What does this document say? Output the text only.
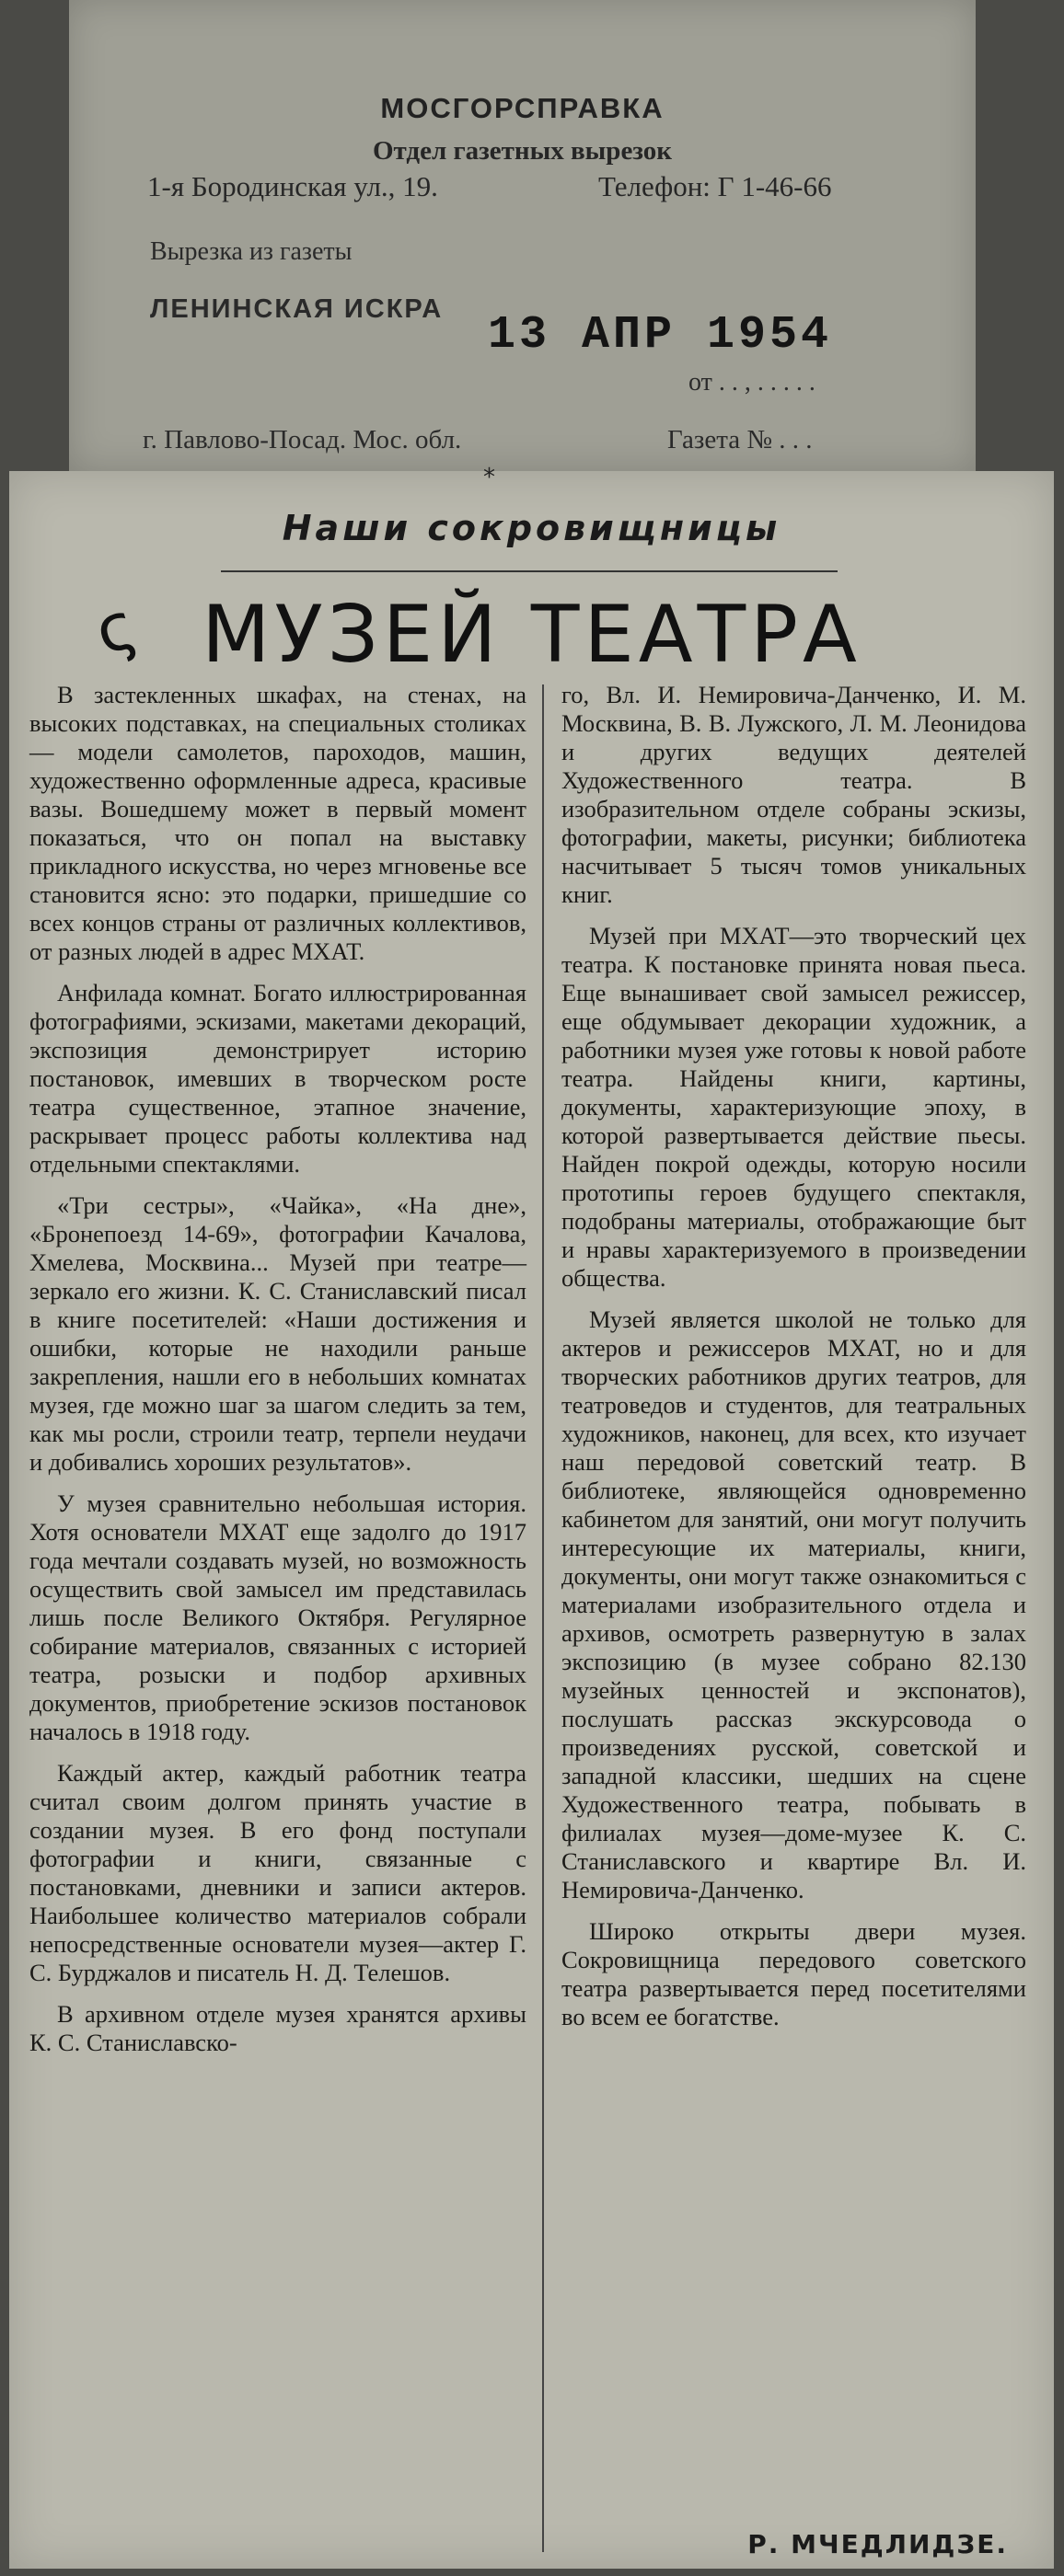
МОСГОРСПРАВКА
Отдел газетных вырезок
1-я Бородинская ул., 19.	Телефон: Г 1-46-66
Вырезка из газеты
ЛЕНИНСКАЯ ИСКРА 13 АПР 1954
от . . , . . . . .
г. Павлово-Посад. Мос. обл.	Газета № . . .
*
Наши сокровищницы
ς МУЗЕЙ ТЕАТРА

В застекленных шкафах, на стенах, на высоких подставках, на специальных столиках — модели самолетов, пароходов, машин, художественно оформленные адреса, красивые вазы. Вошедшему может в первый момент показаться, что он попал на выставку прикладного искусства, но через мгновенье все становится ясно: это подарки, пришедшие со всех концов страны от различных коллективов, от разных людей в адрес МХАТ.

Анфилада комнат. Богато иллюстрированная фотографиями, эскизами, макетами декораций, экспозиция демонстрирует историю постановок, имевших в творческом росте театра существенное, этапное значение, раскрывает процесс работы коллектива над отдельными спектаклями.

«Три сестры», «Чайка», «На дне», «Бронепоезд 14-69», фотографии Качалова, Хмелева, Москвина... Музей при театре—зеркало его жизни. К. С. Станиславский писал в книге посетителей: «Наши достижения и ошибки, которые не находили раньше закрепления, нашли его в небольших комнатах музея, где можно шаг за шагом следить за тем, как мы росли, строили театр, терпели неудачи и добивались хороших результатов».

У музея сравнительно небольшая история. Хотя основатели МХАТ еще задолго до 1917 года мечтали создавать музей, но возможность осуществить свой замысел им представилась лишь после Великого Октября. Регулярное собирание материалов, связанных с историей театра, розыски и подбор архивных документов, приобретение эскизов постановок началось в 1918 году.

Каждый актер, каждый работник театра считал своим долгом принять участие в создании музея. В его фонд поступали фотографии и книги, связанные с постановками, дневники и записи актеров. Наибольшее количество материалов собрали непосредственные основатели музея—актер Г. С. Бурджалов и писатель Н. Д. Телешов.

В архивном отделе музея хранятся архивы К. С. Станиславско-

го, Вл. И. Немировича-Данченко, И. М. Москвина, В. В. Лужского, Л. М. Леонидова и других ведущих деятелей Художественного театра. В изобразительном отделе собраны эскизы, фотографии, макеты, рисунки; библиотека насчитывает 5 тысяч томов уникальных книг.

Музей при МХАТ—это творческий цех театра. К постановке принята новая пьеса. Еще вынашивает свой замысел режиссер, еще обдумывает декорации художник, а работники музея уже готовы к новой работе театра. Найдены книги, картины, документы, характеризующие эпоху, в которой развертывается действие пьесы. Найден покрой одежды, которую носили прототипы героев будущего спектакля, подобраны материалы, отображающие быт и нравы характеризуемого в произведении общества.

Музей является школой не только для актеров и режиссеров МХАТ, но и для творческих работников других театров, для театроведов и студентов, для театральных художников, наконец, для всех, кто изучает наш передовой советский театр. В библиотеке, являющейся одновременно кабинетом для занятий, они могут получить интересующие их материалы, книги, документы, они могут также ознакомиться с материалами изобразительного отдела и архивов, осмотреть развернутую в залах экспозицию (в музее собрано 82.130 музейных ценностей и экспонатов), послушать рассказ экскурсовода о произведениях русской, советской и западной классики, шедших на сцене Художественного театра, побывать в филиалах музея—доме-музее К. С. Станиславского и квартире Вл. И. Немировича-Данченко.

Широко открыты двери музея. Сокровищница передового советского театра развертывается перед посетителями во всем ее богатстве.

Р. МЧЕДЛИДЗЕ.
